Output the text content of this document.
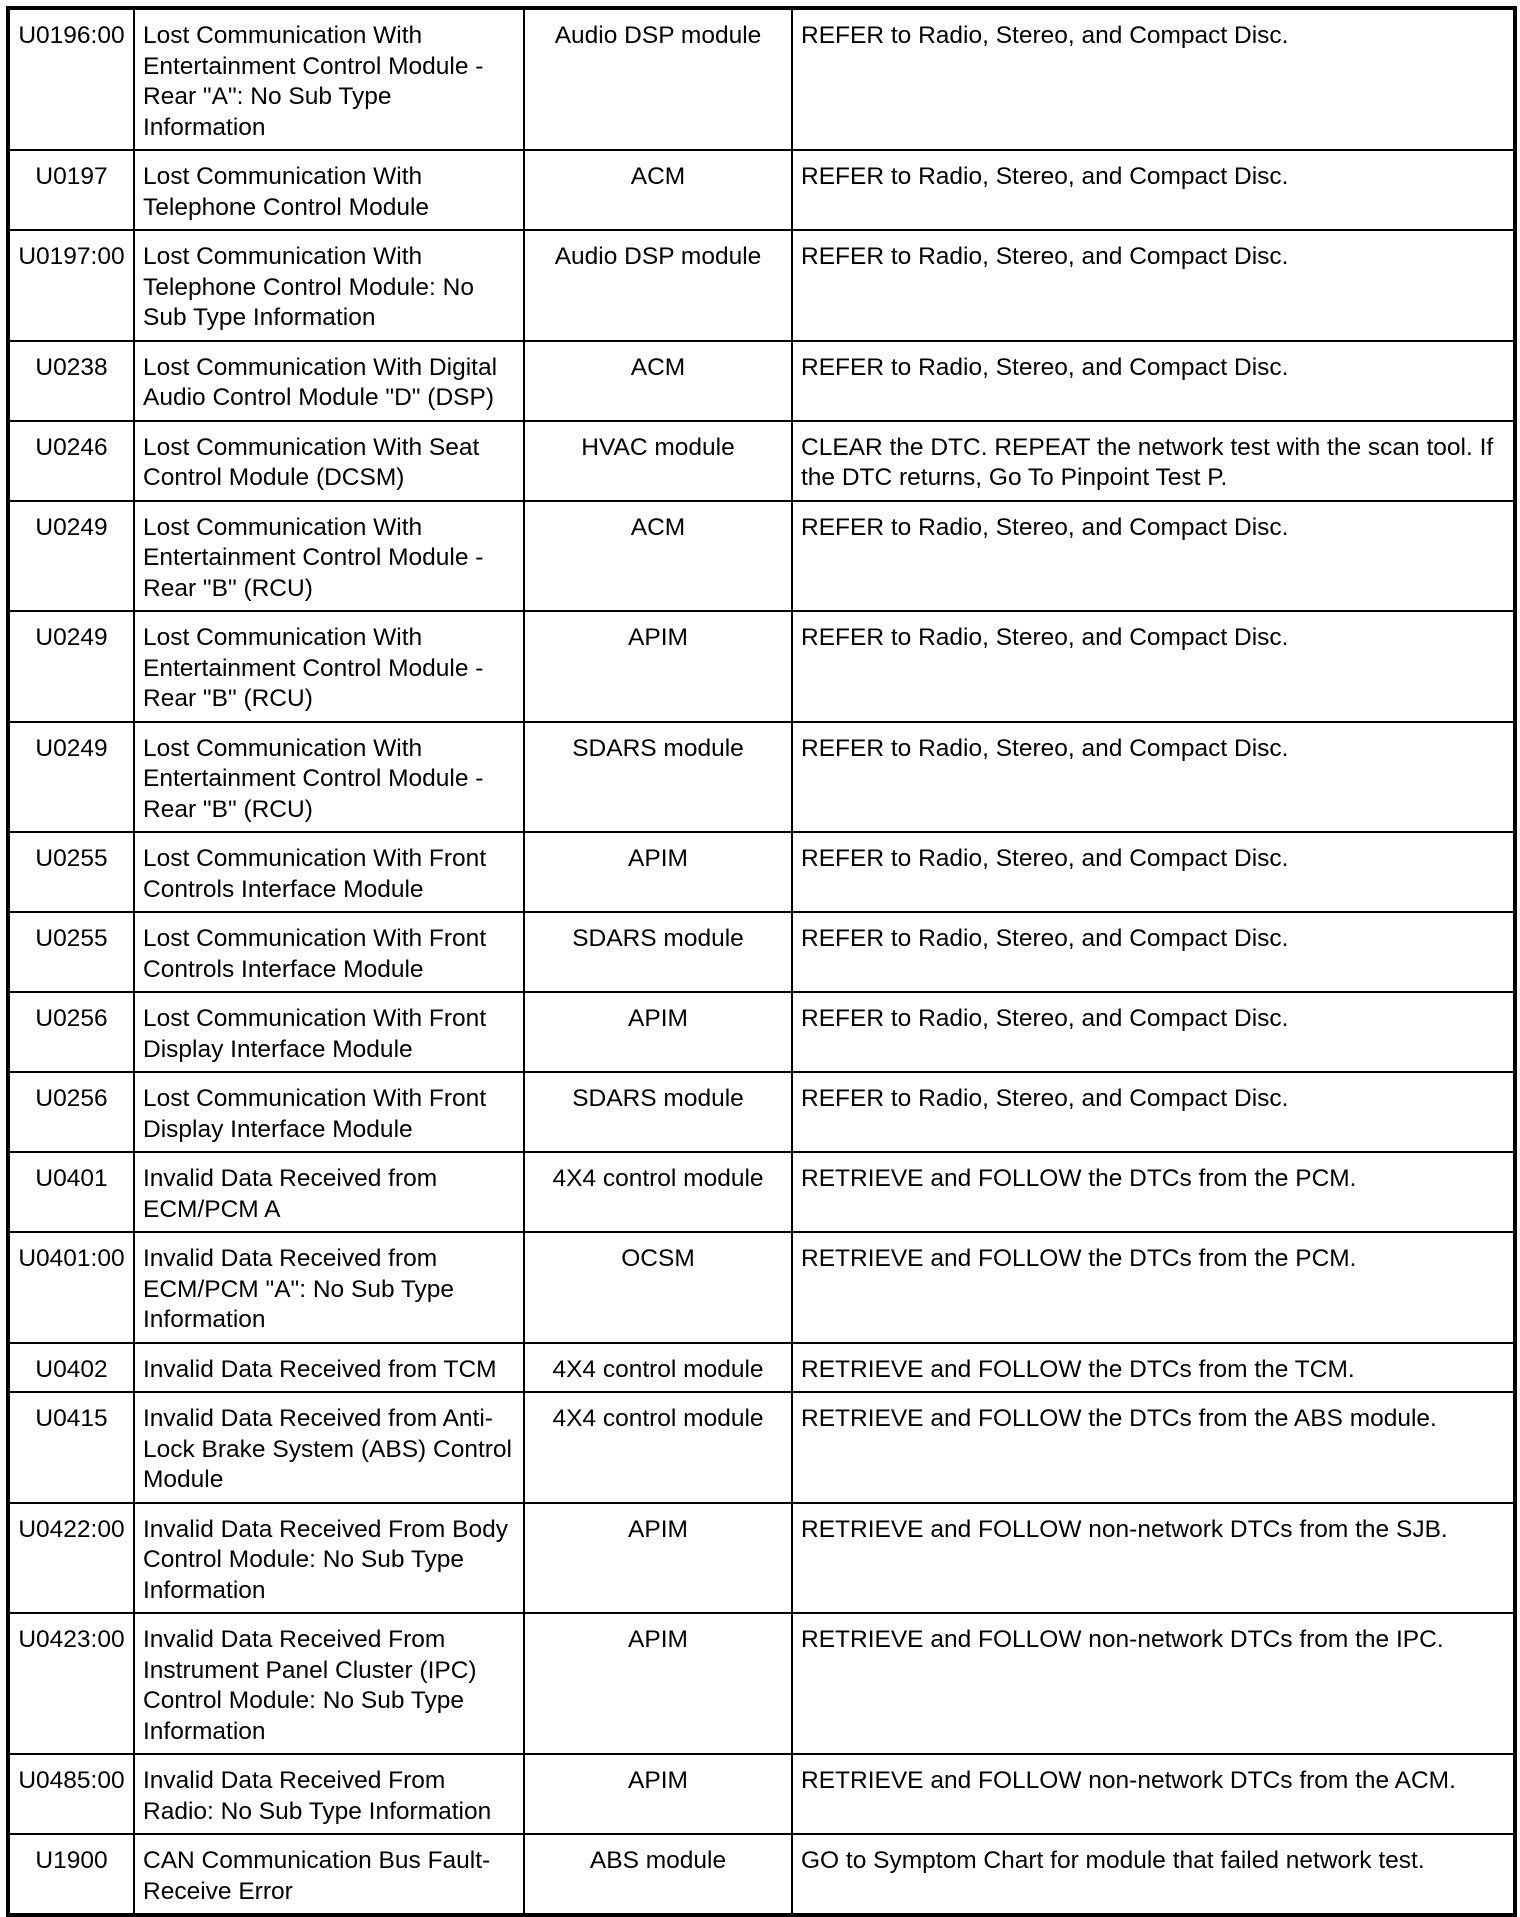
U0196:00	Lost Communication With Entertainment Control Module - Rear "A": No Sub Type Information	Audio DSP module	REFER to Radio, Stereo, and Compact Disc.
U0197	Lost Communication With Telephone Control Module	ACM	REFER to Radio, Stereo, and Compact Disc.
U0197:00	Lost Communication With Telephone Control Module: No Sub Type Information	Audio DSP module	REFER to Radio, Stereo, and Compact Disc.
U0238	Lost Communication With Digital Audio Control Module "D" (DSP)	ACM	REFER to Radio, Stereo, and Compact Disc.
U0246	Lost Communication With Seat Control Module (DCSM)	HVAC module	CLEAR the DTC. REPEAT the network test with the scan tool. If the DTC returns, Go To Pinpoint Test P.
U0249	Lost Communication With Entertainment Control Module - Rear "B" (RCU)	ACM	REFER to Radio, Stereo, and Compact Disc.
U0249	Lost Communication With Entertainment Control Module - Rear "B" (RCU)	APIM	REFER to Radio, Stereo, and Compact Disc.
U0249	Lost Communication With Entertainment Control Module - Rear "B" (RCU)	SDARS module	REFER to Radio, Stereo, and Compact Disc.
U0255	Lost Communication With Front Controls Interface Module	APIM	REFER to Radio, Stereo, and Compact Disc.
U0255	Lost Communication With Front Controls Interface Module	SDARS module	REFER to Radio, Stereo, and Compact Disc.
U0256	Lost Communication With Front Display Interface Module	APIM	REFER to Radio, Stereo, and Compact Disc.
U0256	Lost Communication With Front Display Interface Module	SDARS module	REFER to Radio, Stereo, and Compact Disc.
U0401	Invalid Data Received from ECM/PCM A	4X4 control module	RETRIEVE and FOLLOW the DTCs from the PCM.
U0401:00	Invalid Data Received from ECM/PCM "A": No Sub Type Information	OCSM	RETRIEVE and FOLLOW the DTCs from the PCM.
U0402	Invalid Data Received from TCM	4X4 control module	RETRIEVE and FOLLOW the DTCs from the TCM.
U0415	Invalid Data Received from Anti-Lock Brake System (ABS) Control Module	4X4 control module	RETRIEVE and FOLLOW the DTCs from the ABS module.
U0422:00	Invalid Data Received From Body Control Module: No Sub Type Information	APIM	RETRIEVE and FOLLOW non-network DTCs from the SJB.
U0423:00	Invalid Data Received From Instrument Panel Cluster (IPC) Control Module: No Sub Type Information	APIM	RETRIEVE and FOLLOW non-network DTCs from the IPC.
U0485:00	Invalid Data Received From Radio: No Sub Type Information	APIM	RETRIEVE and FOLLOW non-network DTCs from the ACM.
U1900	CAN Communication Bus Fault-Receive Error	ABS module	GO to Symptom Chart for module that failed network test.
